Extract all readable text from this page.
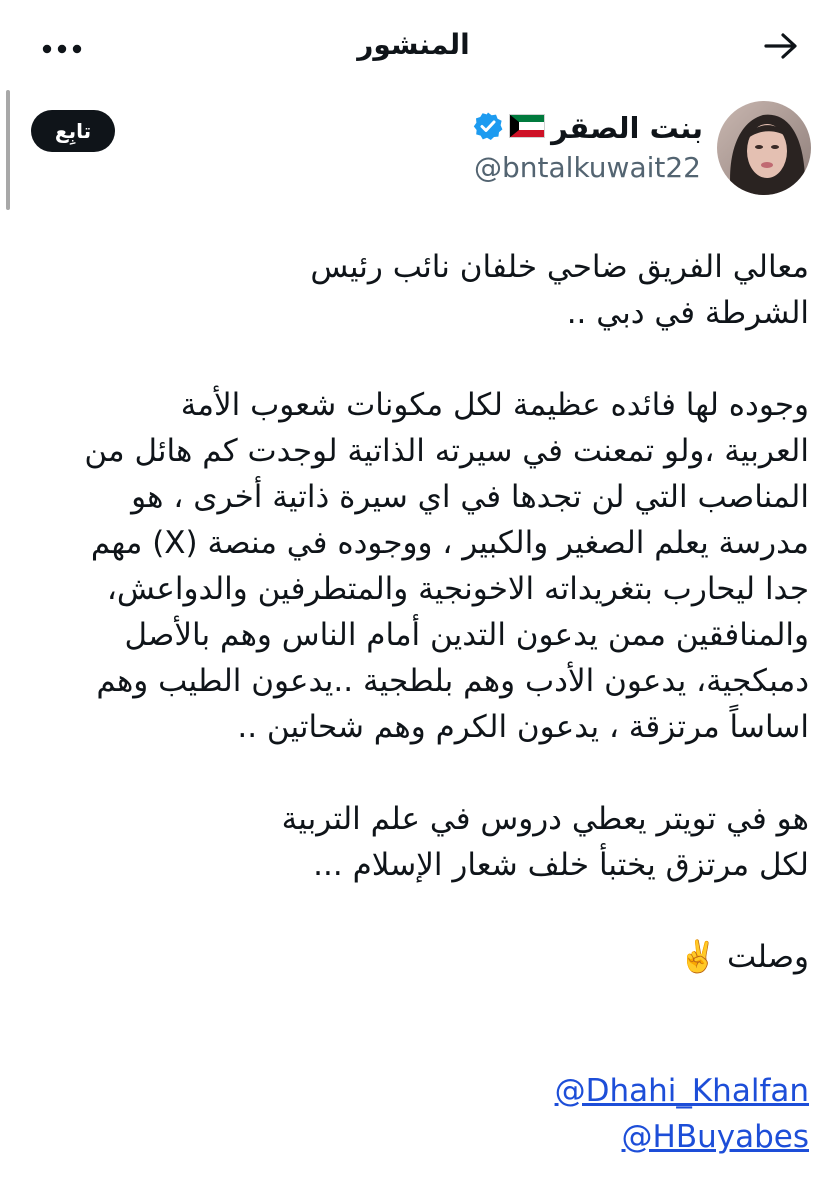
المنشور
تابِع	بنت الصقر
@bntalkuwait22

معالي الفريق ضاحي خلفان نائب رئيس
الشرطة في دبي ..

وجوده لها فائده عظيمة لكل مكونات شعوب الأمة
العربية ،ولو تمعنت في سيرته الذاتية لوجدت كم هائل من
المناصب التي لن تجدها في اي سيرة ذاتية أخرى ، هو
مدرسة يعلم الصغير والكبير ، ووجوده في منصة (X) مهم
جدا ليحارب بتغريداته الاخونجية والمتطرفين والدواعش،
والمنافقين ممن يدعون التدين أمام الناس وهم بالأصل
دمبكجية، يدعون الأدب وهم بلطجية ..يدعون الطيب وهم
اساساً مرتزقة ، يدعون الكرم وهم شحاتين ..

هو في تويتر يعطي دروس في علم التربية
لكل مرتزق يختبأ خلف شعار الإسلام ...

وصلت ✌️

@Dhahi_Khalfan
@HBuyabes
